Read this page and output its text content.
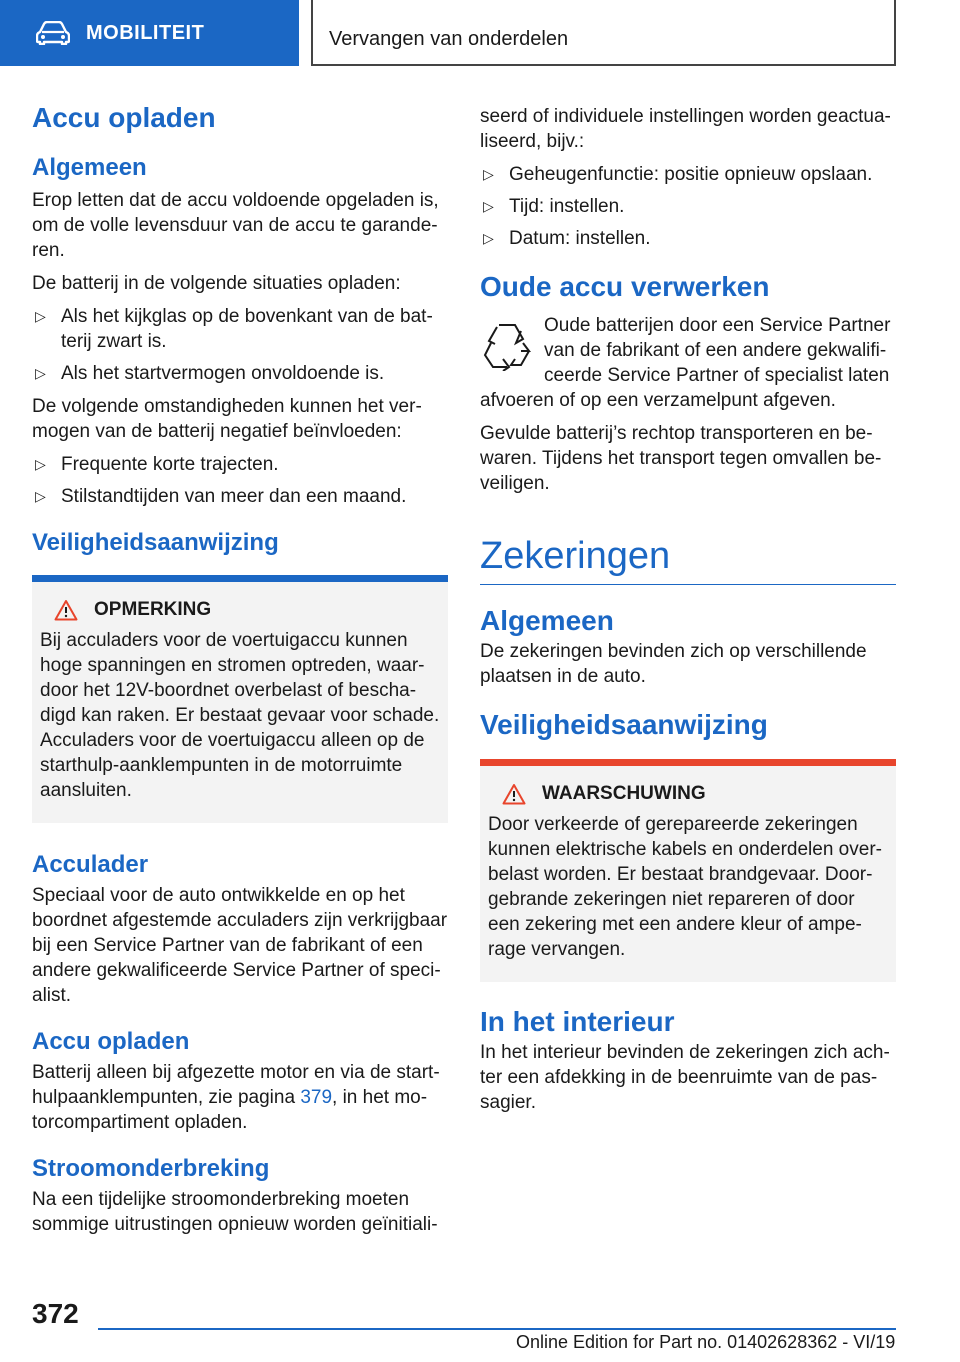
MOBILITEIT	Vervangen van onderdelen
Accu opladen
Algemeen

Erop letten dat de accu voldoende opgeladen is, om de volle levensduur van de accu te garande-ren.

De batterij in de volgende situaties opladen:

▷ Als het kijkglas op de bovenkant van de bat-terij zwart is.
▷ Als het startvermogen onvoldoende is.

De volgende omstandigheden kunnen het ver-mogen van de batterij negatief beïnvloeden:

▷ Frequente korte trajecten.
▷ Stilstandtijden van meer dan een maand.
Veiligheidsaanwijzing
OPMERKING

Bij acculaders voor de voertuigaccu kunnen hoge spanningen en stromen optreden, waar-door het 12V-boordnet overbelast of bescha-digd kan raken. Er bestaat gevaar voor schade. Acculaders voor de voertuigaccu alleen op de starthulp-aanklempunten in de motorruimte aansluiten.

Acculader

Speciaal voor de auto ontwikkelde en op het boordnet afgestemde acculaders zijn verkrijgbaar bij een Service Partner van de fabrikant of een andere gekwalificeerde Service Partner of speci-alist.

Accu opladen

Batterij alleen bij afgezette motor en via de start-hulpaanklempunten, zie pagina 379, in het mo-torcompartiment opladen.

Stroomonderbreking

Na een tijdelijke stroomonderbreking moeten sommige uitrustingen opnieuw worden geïnitiali-

seerd of individuele instellingen worden geactua-liseerd, bijv.:

▷ Geheugenfunctie: positie opnieuw opslaan.
▷ Tijd: instellen.
▷ Datum: instellen.
Oude accu verwerken

Oude batterijen door een Service Partner van de fabrikant of een andere gekwalifi-ceerde Service Partner of specialist laten afvoeren of op een verzamelpunt afgeven.

Gevulde batterij’s rechtop transporteren en be-waren. Tijdens het transport tegen omvallen be-veiligen.

Zekeringen
Algemeen

De zekeringen bevinden zich op verschillende plaatsen in de auto.

Veiligheidsaanwijzing
WAARSCHUWING

Door verkeerde of gerepareerde zekeringen kunnen elektrische kabels en onderdelen over-belast worden. Er bestaat brandgevaar. Door-gebrande zekeringen niet repareren of door een zekering met een andere kleur of ampe-rage vervangen.

In het interieur

In het interieur bevinden de zekeringen zich ach-ter een afdekking in de beenruimte van de pas-sagier.

372
Online Edition for Part no. 01402628362 - VI/19
